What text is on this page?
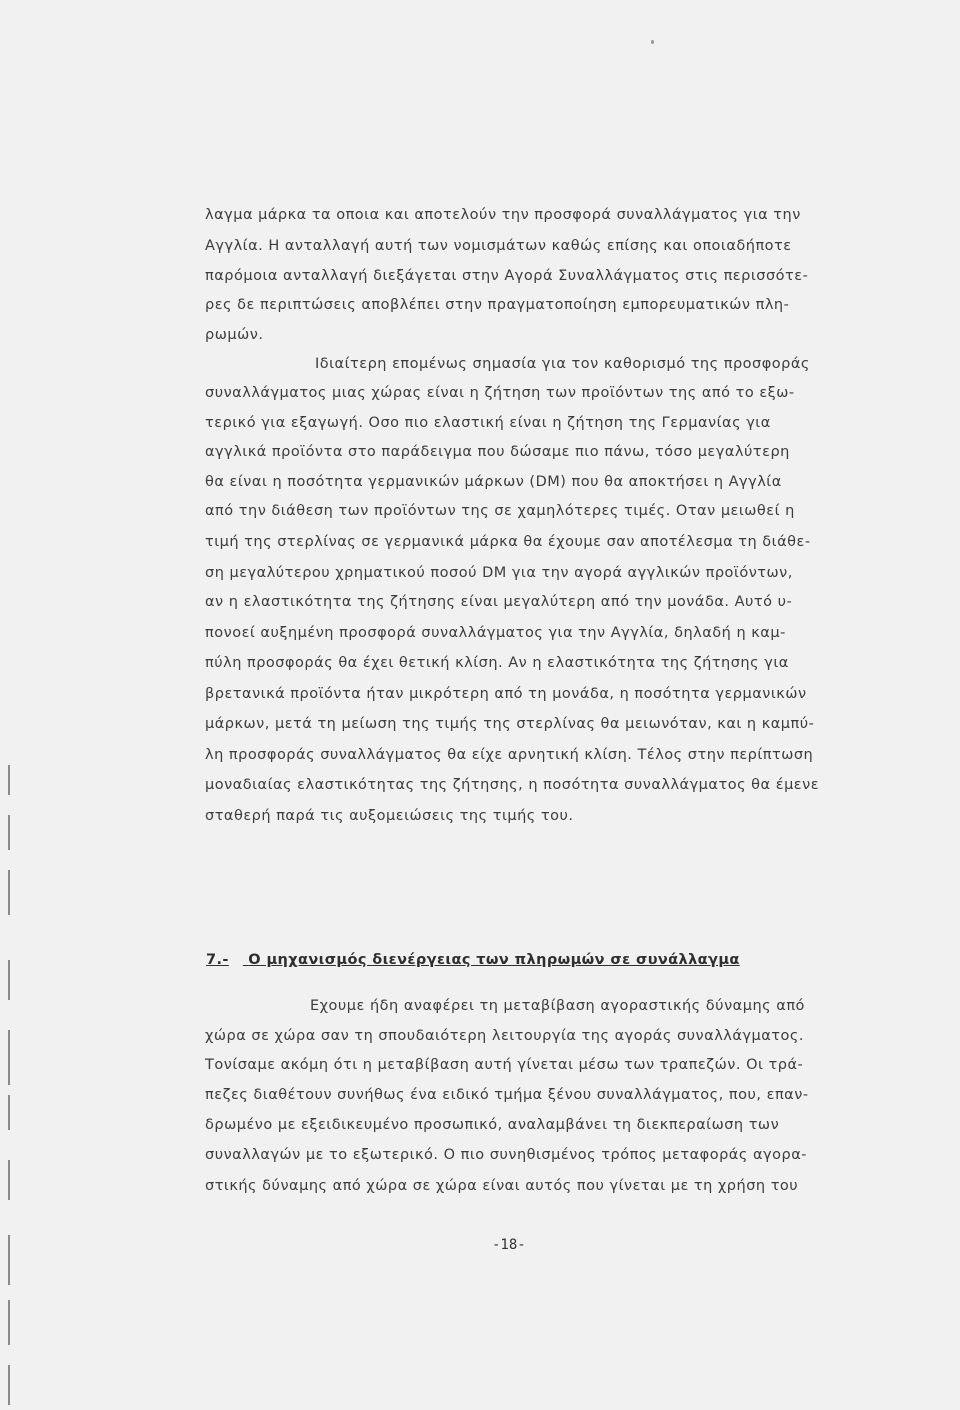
λαγμα μάρκα τα οποια και αποτελούν την προσφορά συναλλάγματος για την
Αγγλία. Η ανταλλαγή αυτή των νομισμάτων καθώς επίσης και οποιαδήποτε
παρόμοια ανταλλαγή διεξάγεται στην Αγορά Συναλλάγματος στις περισσότε-
ρες δε περιπτώσεις αποβλέπει στην πραγματοποίηση εμπορευματικών πλη-
ρωμών.
Ιδιαίτερη επομένως σημασία για τον καθορισμό της προσφοράς
συναλλάγματος μιας χώρας είναι η ζήτηση των προϊόντων της από το εξω-
τερικό για εξαγωγή. Οσο πιο ελαστική είναι η ζήτηση της Γερμανίας για
αγγλικά προϊόντα στο παράδειγμα που δώσαμε πιο πάνω, τόσο μεγαλύτερη
θα είναι η ποσότητα γερμανικών μάρκων (DM) που θα αποκτήσει η Αγγλία
από την διάθεση των προϊόντων της σε χαμηλότερες τιμές. Οταν μειωθεί η
τιμή της στερλίνας σε γερμανικά μάρκα θα έχουμε σαν αποτέλεσμα τη διάθε-
ση μεγαλύτερου χρηματικού ποσού DM για την αγορά αγγλικών προϊόντων,
αν η ελαστικότητα της ζήτησης είναι μεγαλύτερη από την μονάδα. Αυτό υ-
πονοεί αυξημένη προσφορά συναλλάγματος για την Αγγλία, δηλαδή η καμ-
πύλη προσφοράς θα έχει θετική κλίση. Αν η ελαστικότητα της ζήτησης για
βρετανικά προϊόντα ήταν μικρότερη από τη μονάδα, η ποσότητα γερμανικών
μάρκων, μετά τη μείωση της τιμής της στερλίνας θα μειωνόταν, και η καμπύ-
λη προσφοράς συναλλάγματος θα είχε αρνητική κλίση. Τέλος στην περίπτωση
μοναδιαίας ελαστικότητας της ζήτησης, η ποσότητα συναλλάγματος θα έμενε
σταθερή παρά τις αυξομειώσεις της τιμής του.
7.- Ο μηχανισμός διενέργειας των πληρωμών σε συνάλλαγμα
Εχουμε ήδη αναφέρει τη μεταβίβαση αγοραστικής δύναμης από
χώρα σε χώρα σαν τη σπουδαιότερη λειτουργία της αγοράς συναλλάγματος.
Τονίσαμε ακόμη ότι η μεταβίβαση αυτή γίνεται μέσω των τραπεζών. Οι τρά-
πεζες διαθέτουν συνήθως ένα ειδικό τμήμα ξένου συναλλάγματος, που, επαν-
δρωμένο με εξειδικευμένο προσωπικό, αναλαμβάνει τη διεκπεραίωση των
συναλλαγών με το εξωτερικό. Ο πιο συνηθισμένος τρόπος μεταφοράς αγορα-
στικής δύναμης από χώρα σε χώρα είναι αυτός που γίνεται με τη χρήση του
-18-
